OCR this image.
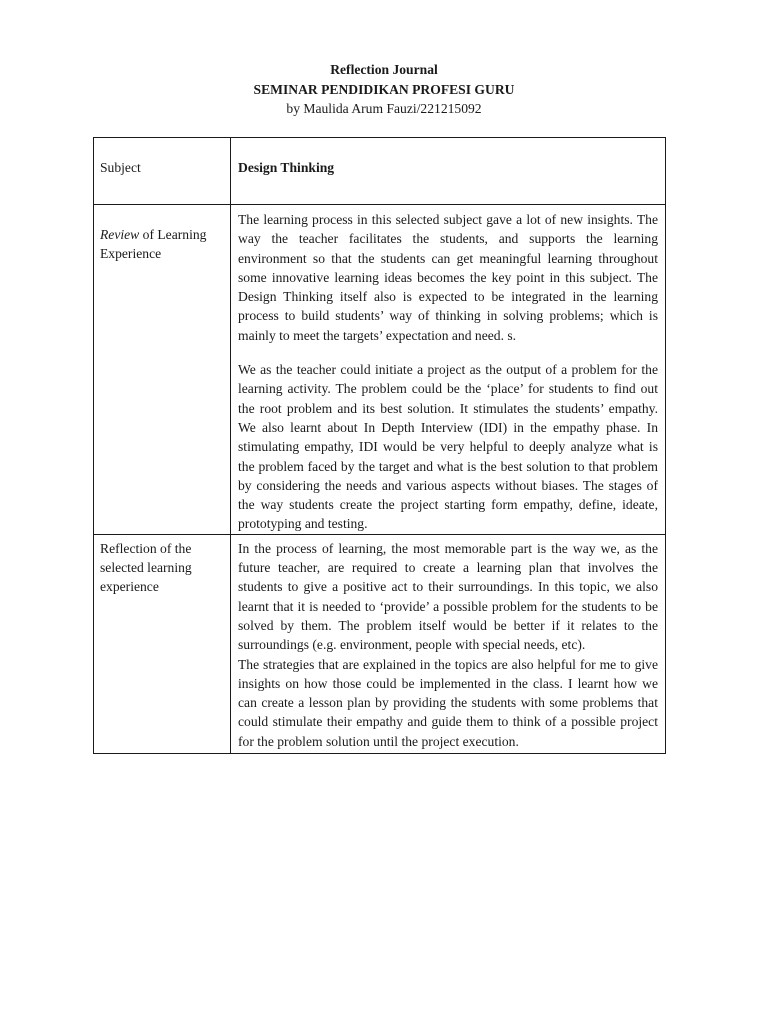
Reflection Journal
SEMINAR PENDIDIKAN PROFESI GURU
by Maulida Arum Fauzi/221215092
Subject	Design Thinking
Review of Learning Experience	The learning process in this selected subject gave a lot of new insights. The way the teacher facilitates the students, and supports the learning environment so that the students can get meaningful learning throughout some innovative learning ideas becomes the key point in this subject. The Design Thinking itself also is expected to be integrated in the learning process to build students’ way of thinking in solving problems; which is mainly to meet the targets’ expectation and need. s.

We as the teacher could initiate a project as the output of a problem for the learning activity. The problem could be the ‘place’ for students to find out the root problem and its best solution. It stimulates the students’ empathy. We also learnt about In Depth Interview (IDI) in the empathy phase. In stimulating empathy, IDI would be very helpful to deeply analyze what is the problem faced by the target and what is the best solution to that problem by considering the needs and various aspects without biases. The stages of the way students create the project starting form empathy, define, ideate, prototyping and testing.

Reflection of the selected learning experience	In the process of learning, the most memorable part is the way we, as the future teacher, are required to create a learning plan that involves the students to give a positive act to their surroundings. In this topic, we also learnt that it is needed to ‘provide’ a possible problem for the students to be solved by them. The problem itself would be better if it relates to the surroundings (e.g. environment, people with special needs, etc).

The strategies that are explained in the topics are also helpful for me to give insights on how those could be implemented in the class. I learnt how we can create a lesson plan by providing the students with some problems that could stimulate their empathy and guide them to think of a possible project for the problem solution until the project execution.
